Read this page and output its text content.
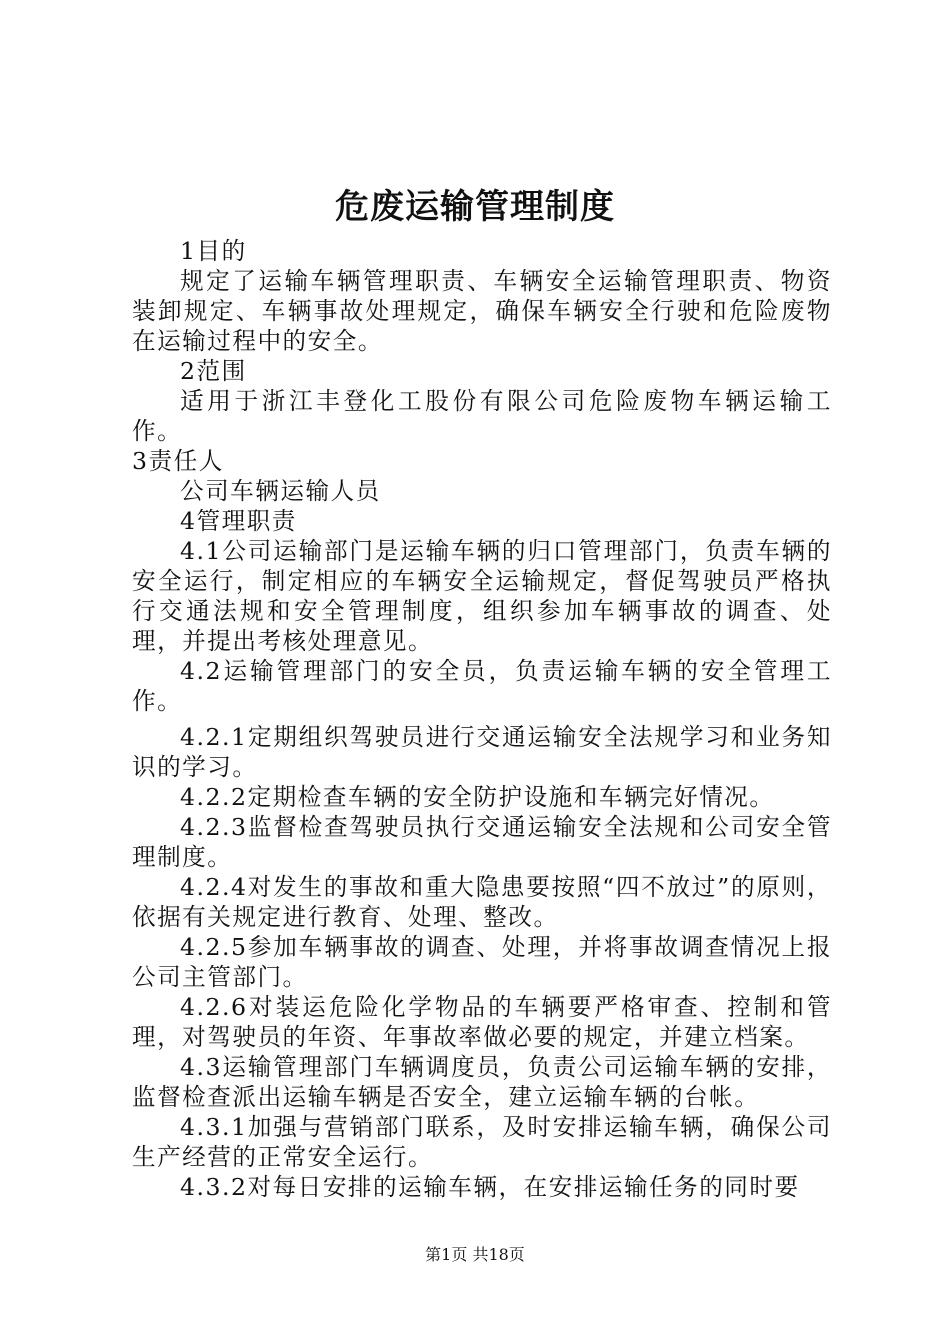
危废运输管理制度

1目的

规定了运输车辆管理职责、车辆安全运输管理职责、物资装卸规定、车辆事故处理规定，确保车辆安全行驶和危险废物在运输过程中的安全。

2范围

适用于浙江丰登化工股份有限公司危险废物车辆运输工作。

3责任人

公司车辆运输人员

4管理职责

4.1公司运输部门是运输车辆的归口管理部门，负责车辆的安全运行，制定相应的车辆安全运输规定，督促驾驶员严格执行交通法规和安全管理制度，组织参加车辆事故的调查、处理，并提出考核处理意见。

4.2运输管理部门的安全员，负责运输车辆的安全管理工作。

4.2.1定期组织驾驶员进行交通运输安全法规学习和业务知识的学习。

4.2.2定期检查车辆的安全防护设施和车辆完好情况。

4.2.3监督检查驾驶员执行交通运输安全法规和公司安全管理制度。

4.2.4对发生的事故和重大隐患要按照“四不放过”的原则，依据有关规定进行教育、处理、整改。

4.2.5参加车辆事故的调查、处理，并将事故调查情况上报公司主管部门。

4.2.6对装运危险化学物品的车辆要严格审查、控制和管理，对驾驶员的年资、年事故率做必要的规定，并建立档案。

4.3运输管理部门车辆调度员，负责公司运输车辆的安排，监督检查派出运输车辆是否安全，建立运输车辆的台帐。

4.3.1加强与营销部门联系，及时安排运输车辆，确保公司生产经营的正常安全运行。

4.3.2对每日安排的运输车辆，在安排运输任务的同时要

第1页 共18页
